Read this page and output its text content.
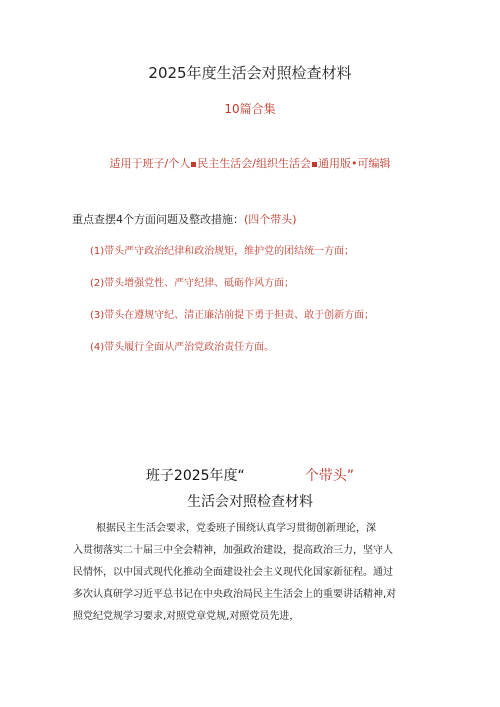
2025年度生活会对照检查材料
10篇合集
适用于班子/个人 民主生活会/组织生活会 通用版•可编辑
重点查摆4个方面问题及整改措施：(四个带头)
(1)带头严守政治纪律和政治规矩，维护党的团结统一方面；
(2)带头增强党性、严守纪律、砥砺作风方面；
(3)带头在遵规守纪、清正廉洁前提下勇于担责、敢于创新方面；
(4)带头履行全面从严治党政治责任方面。
班子2025年度“	个带头”
生活会对照检查材料
根据民主生活会要求，党委班子围绕认真学习贯彻创新理论，深
入贯彻落实二十届三中全会精神，加强政治建设，提高政治三力，坚守人
民情怀，以中国式现代化推动全面建设社会主义现代化国家新征程。通过
多次认真研学习近平总书记在中央政治局民主生活会上的重要讲话精神,对
照党纪党规学习要求,对照党章党规,对照党员先进，
